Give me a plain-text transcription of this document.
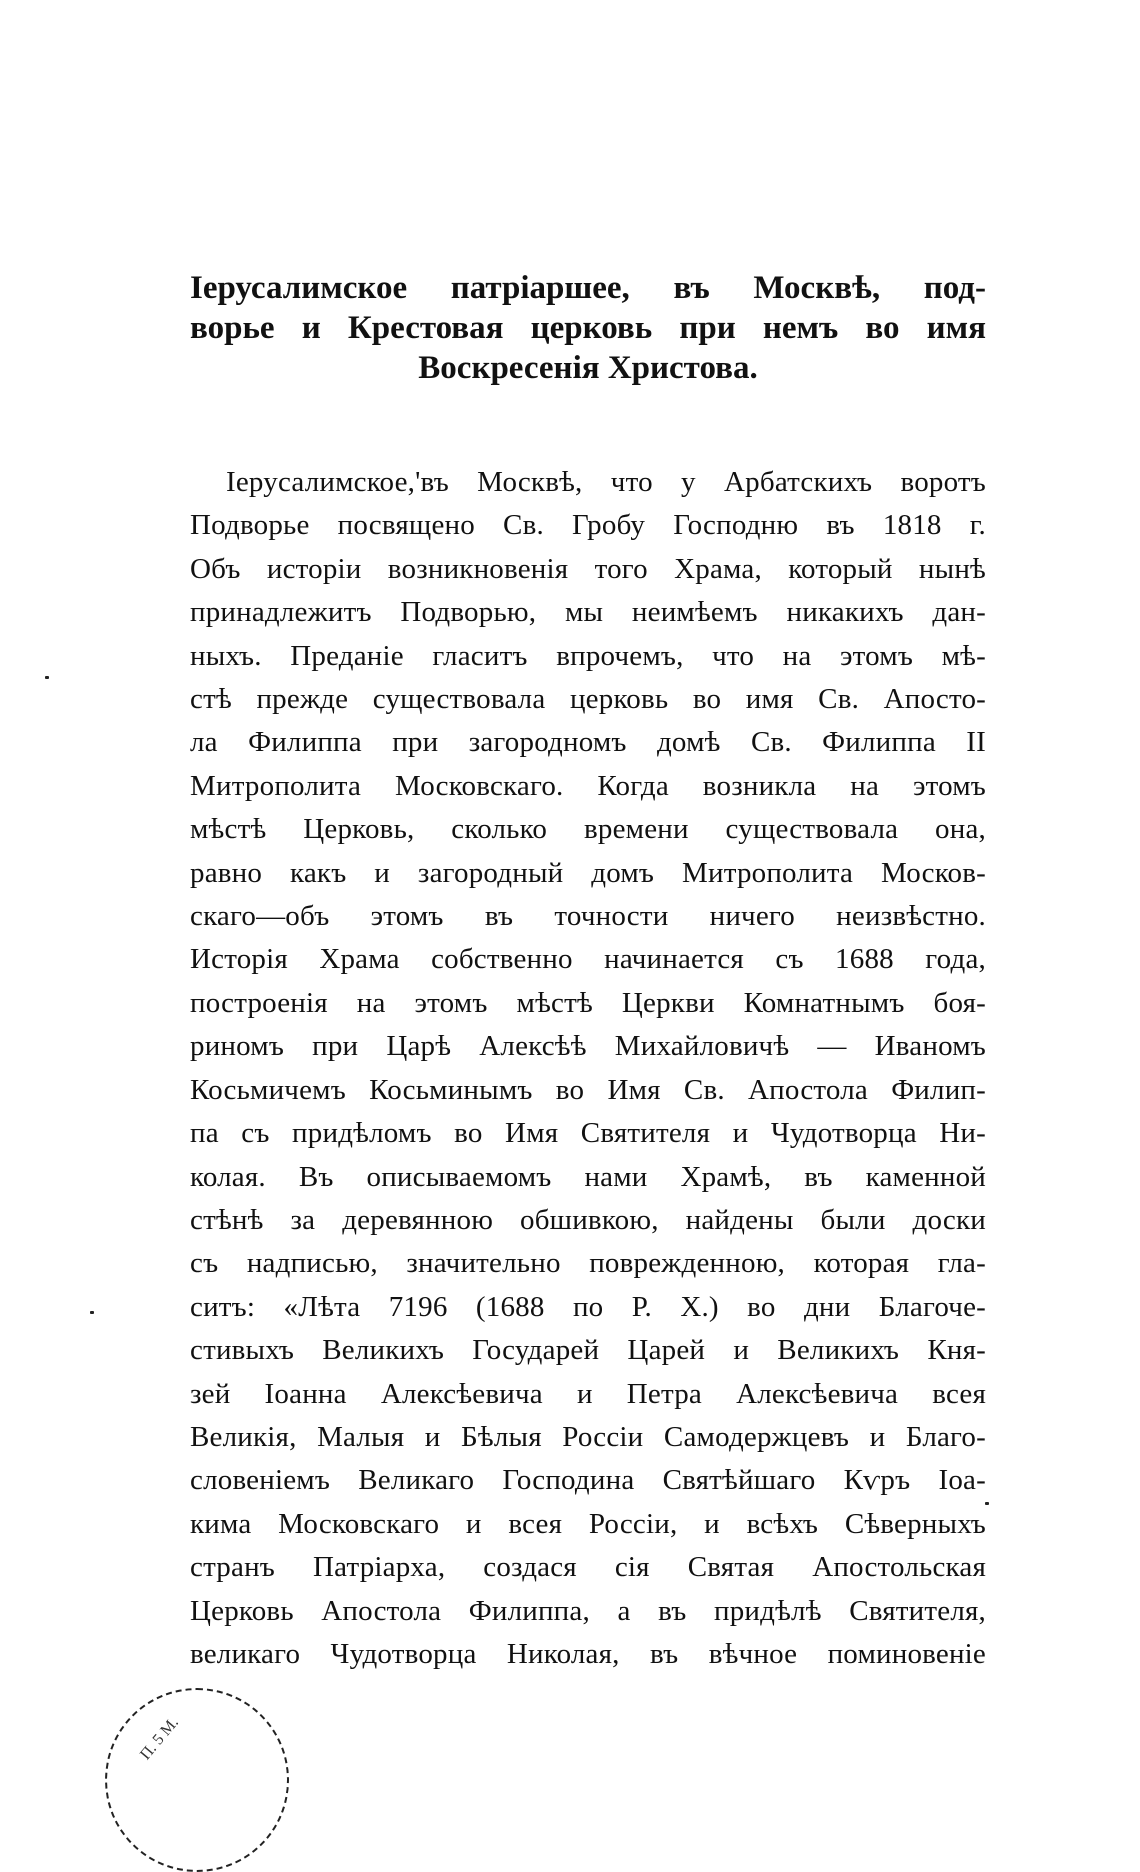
Іерусалимское патріаршее, въ Москвѣ, под-
ворье и Крестовая церковь при немъ во имя
Воскресенія Христова.
Іерусалимское,'въ Москвѣ, что у Арбатскихъ воротъ
Подворье посвящено Св. Гробу Господню въ 1818 г.
Объ исторіи возникновенія того Храма, который нынѣ
принадлежитъ Подворью, мы неимѣемъ никакихъ дан-
ныхъ. Преданіе гласитъ впрочемъ, что на этомъ мѣ-
стѣ прежде существовала церковь во имя Св. Апосто-
ла Филиппа при загородномъ домѣ Св. Филиппа II
Митрополита Московскаго. Когда возникла на этомъ
мѣстѣ Церковь, сколько времени существовала она,
равно какъ и загородный домъ Митрополита Москов-
скаго—объ этомъ въ точности ничего неизвѣстно.
Исторія Храма собственно начинается съ 1688 года,
построенія на этомъ мѣстѣ Церкви Комнатнымъ боя-
риномъ при Царѣ Алексѣѣ Михайловичѣ — Иваномъ
Косьмичемъ Косьминымъ во Имя Св. Апостола Филип-
па съ придѣломъ во Имя Святителя и Чудотворца Ни-
колая. Въ описываемомъ нами Храмѣ, въ каменной
стѣнѣ за деревянною обшивкою, найдены были доски
съ надписью, значительно поврежденною, которая гла-
ситъ: «Лѣта 7196 (1688 по Р. Х.) во дни Благоче-
стивыхъ Великихъ Государей Царей и Великихъ Кня-
зей Іоанна Алексѣевича и Петра Алексѣевича всея
Великія, Малыя и Бѣлыя Россіи Самодержцевъ и Благо-
словеніемъ Великаго Господина Святѣйшаго Кѵръ Іоа-
кима Московскаго и всея Россіи, и всѣхъ Сѣверныхъ
странъ Патріарха, создася сія Святая Апостольская
Церковь Апостола Филиппа, а въ придѣлѣ Святителя,
великаго Чудотворца Николая, въ вѣчное поминовеніе
П. 5 М.
